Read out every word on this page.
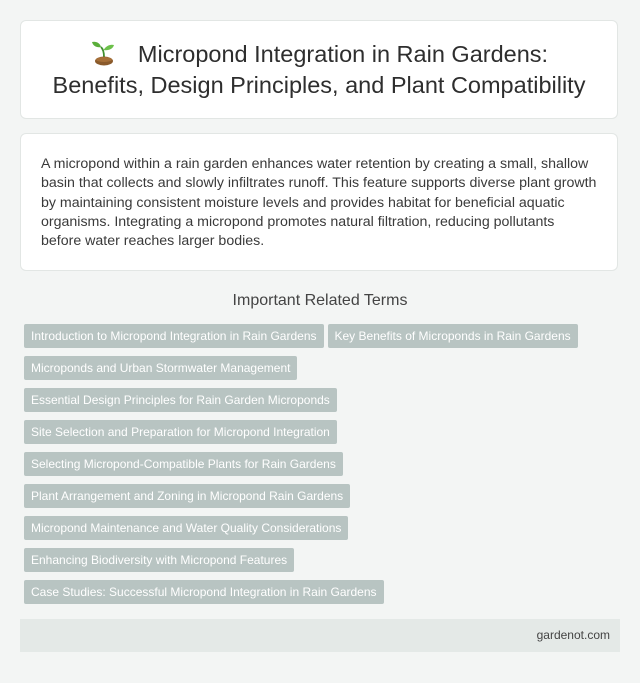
Micropond Integration in Rain Gardens: Benefits, Design Principles, and Plant Compatibility

A micropond within a rain garden enhances water retention by creating a small, shallow basin that collects and slowly infiltrates runoff. This feature supports diverse plant growth by maintaining consistent moisture levels and provides habitat for beneficial aquatic organisms. Integrating a micropond promotes natural filtration, reducing pollutants before water reaches larger bodies.

Important Related Terms
Introduction to Micropond Integration in Rain Gardens Key Benefits of Microponds in Rain Gardens
Microponds and Urban Stormwater Management
Essential Design Principles for Rain Garden Microponds
Site Selection and Preparation for Micropond Integration
Selecting Micropond-Compatible Plants for Rain Gardens
Plant Arrangement and Zoning in Micropond Rain Gardens
Micropond Maintenance and Water Quality Considerations
Enhancing Biodiversity with Micropond Features
Case Studies: Successful Micropond Integration in Rain Gardens
gardenot.com
